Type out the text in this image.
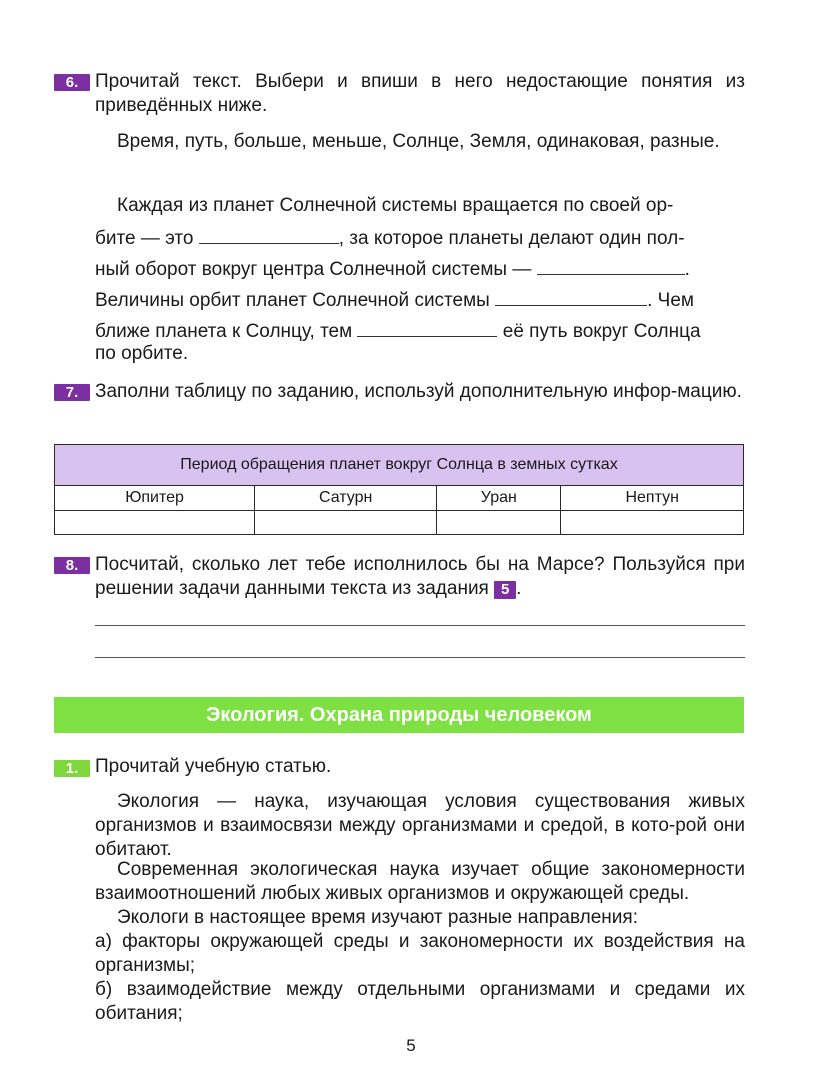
6. Прочитай текст. Выбери и впиши в него недостающие понятия из приведённых ниже.
Время, путь, больше, меньше, Солнце, Земля, одинаковая, разные.
Каждая из планет Солнечной системы вращается по своей ор-
бите — это	, за которое планеты делают один пол-
ный оборот вокруг центра Солнечной системы —	.
Величины орбит планет Солнечной системы	. Чем
ближе планета к Солнцу, тем	её путь вокруг Солнца
по орбите.
7. Заполни таблицу по заданию, используй дополнительную инфор-мацию.
Период обращения планет вокруг Солнца в земных сутках			
Юпитер	Сатурн	Уран	Нептун

8. Посчитай, сколько лет тебе исполнилось бы на Марсе? Пользуйся при решении задачи данными текста из задания 5 .
Экология. Охрана природы человеком
1. Прочитай учебную статью.
Экология — наука, изучающая условия существования живых организмов и взаимосвязи между организмами и средой, в кото-рой они обитают.
Современная экологическая наука изучает общие закономерности взаимоотношений любых живых организмов и окружающей среды.
Экологи в настоящее время изучают разные направления:
а) факторы окружающей среды и закономерности их воздействия на организмы;
б) взаимодействие между отдельными организмами и средами их обитания;
5
